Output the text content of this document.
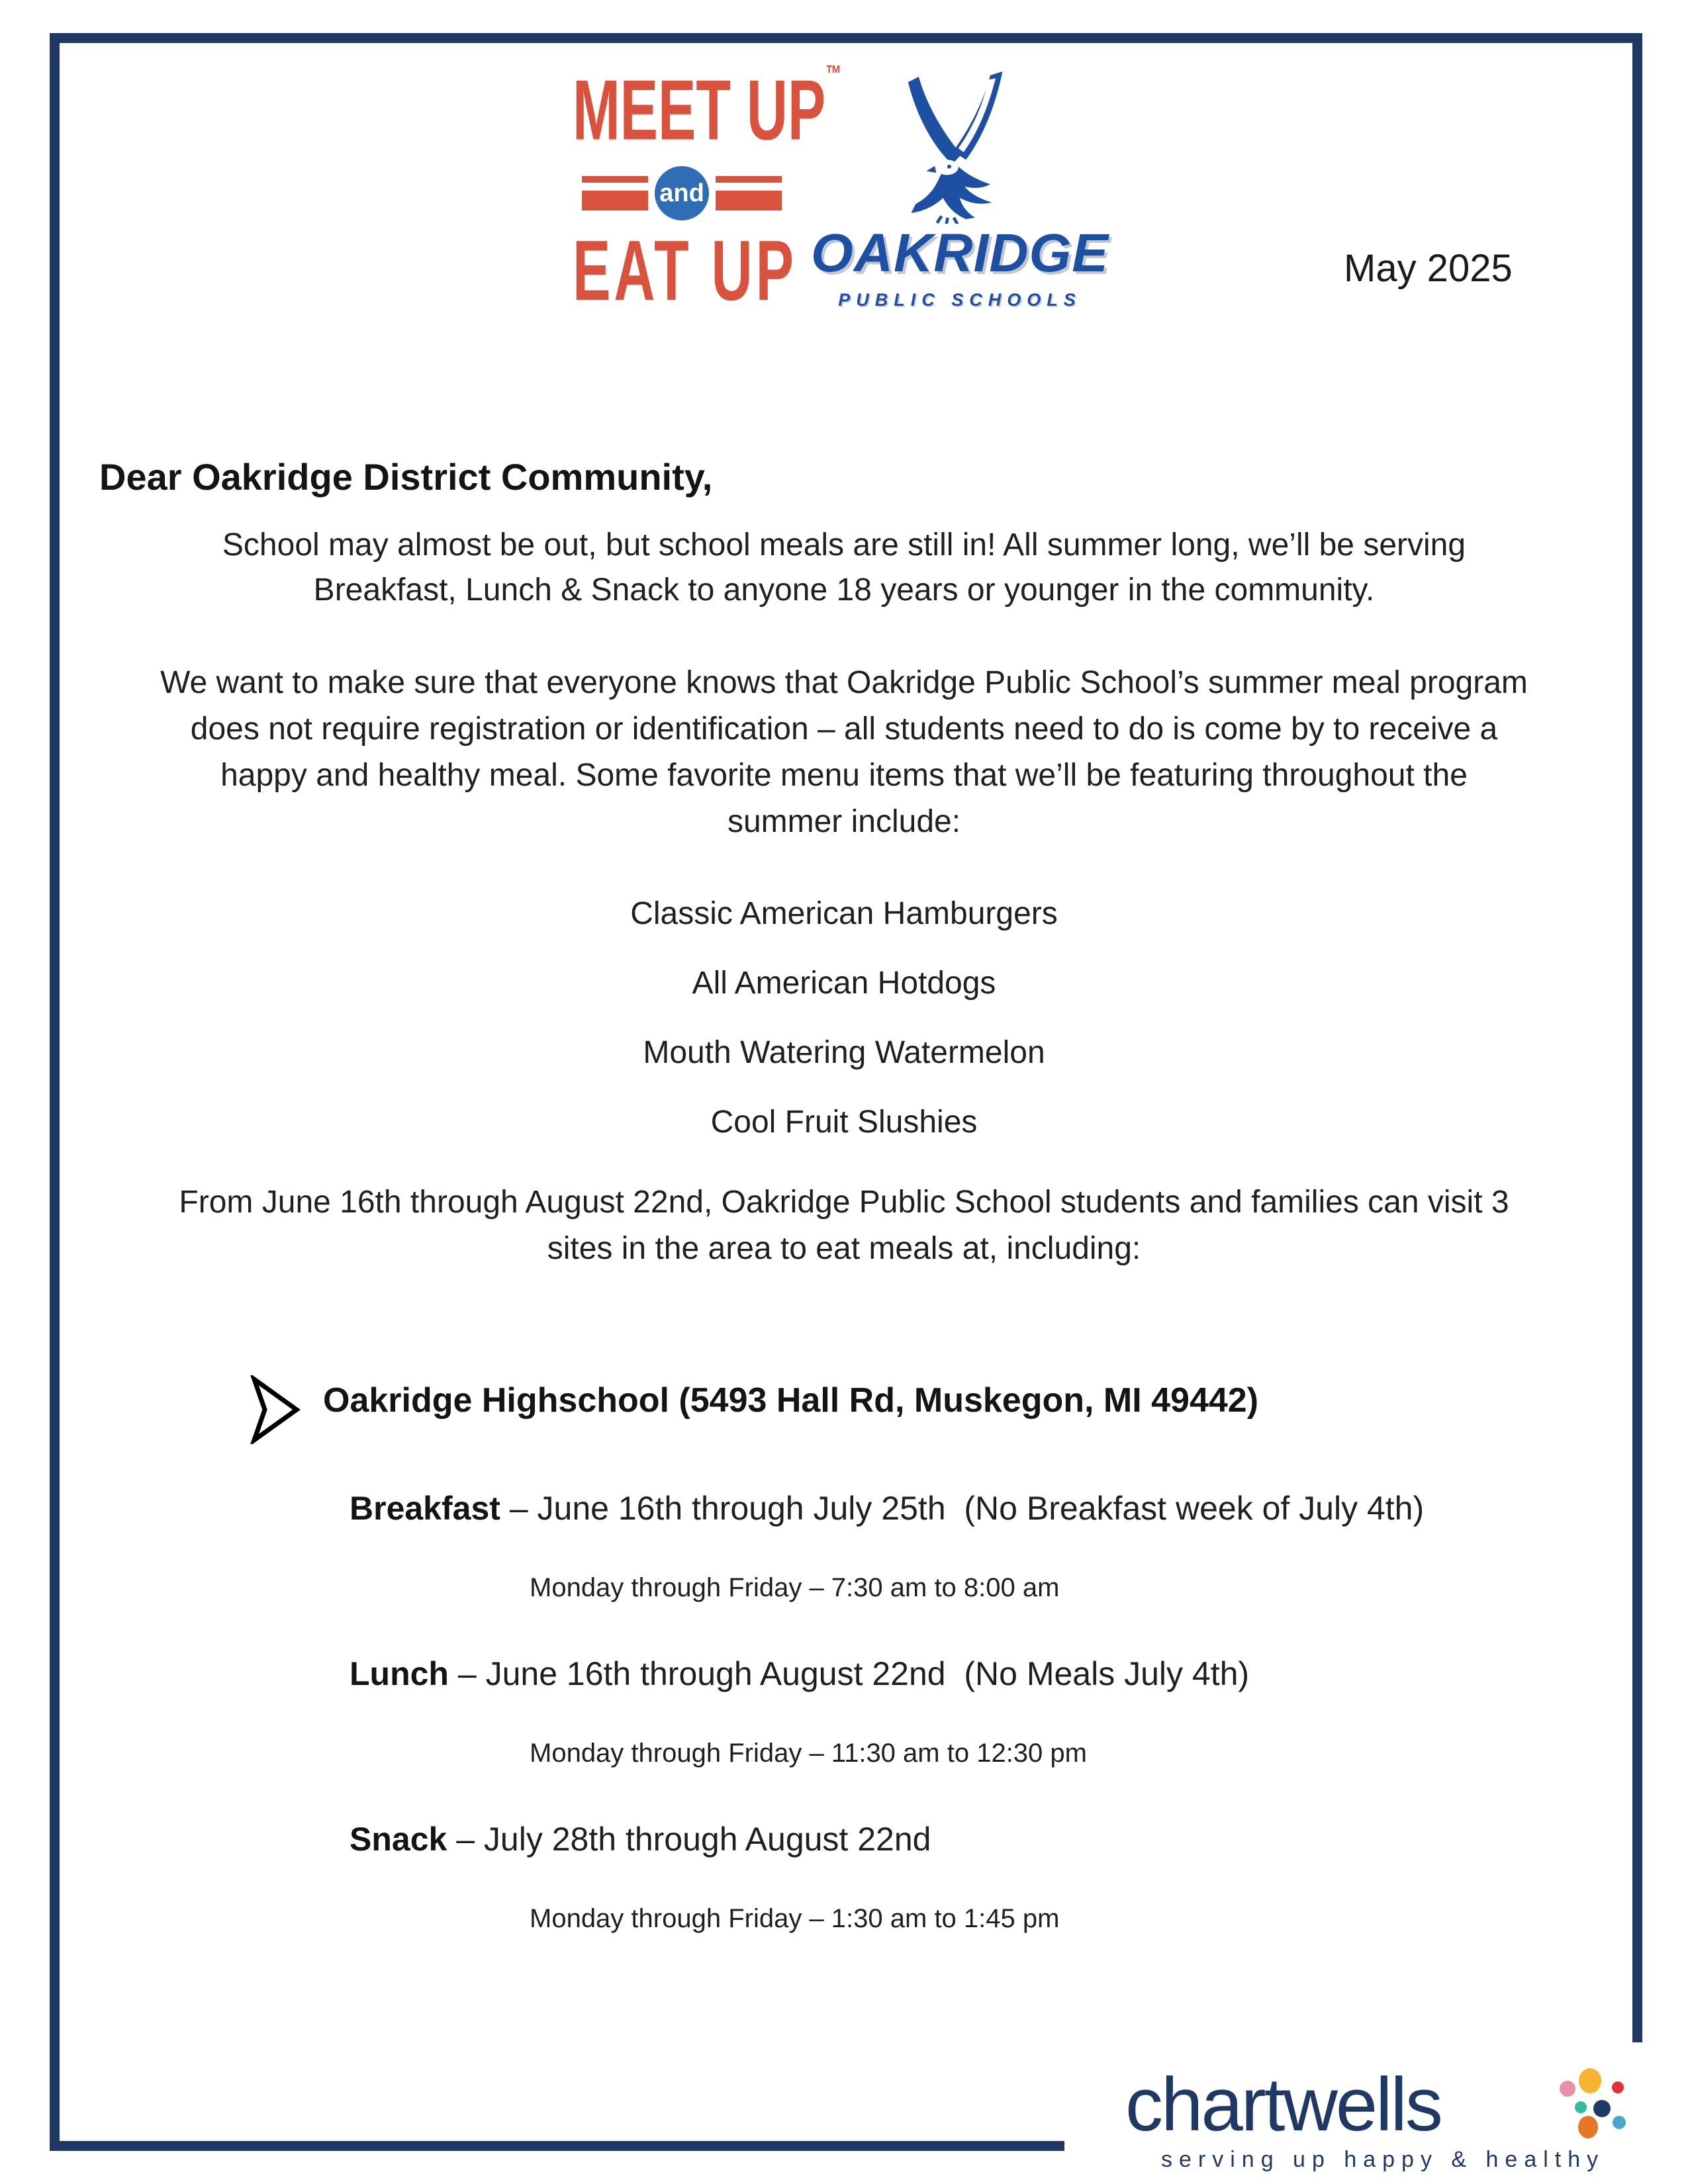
MEET UP™
and
EAT UP OAKRIDGE
PUBLIC SCHOOLS
May 2025
Dear Oakridge District Community,
School may almost be out, but school meals are still in! All summer long, we’ll be serving
Breakfast, Lunch & Snack to anyone 18 years or younger in the community.
We want to make sure that everyone knows that Oakridge Public School’s summer meal program
does not require registration or identification – all students need to do is come by to receive a
happy and healthy meal. Some favorite menu items that we’ll be featuring throughout the
summer include:
Classic American Hamburgers
All American Hotdogs
Mouth Watering Watermelon
Cool Fruit Slushies
From June 16th through August 22nd, Oakridge Public School students and families can visit 3
sites in the area to eat meals at, including:
Oakridge Highschool (5493 Hall Rd, Muskegon, MI 49442)
Breakfast – June 16th through July 25th  (No Breakfast week of July 4th)
Monday through Friday – 7:30 am to 8:00 am
Lunch – June 16th through August 22nd  (No Meals July 4th)
Monday through Friday – 11:30 am to 12:30 pm
Snack – July 28th through August 22nd
Monday through Friday – 1:30 am to 1:45 pm
chartwells
serving up happy & healthy
